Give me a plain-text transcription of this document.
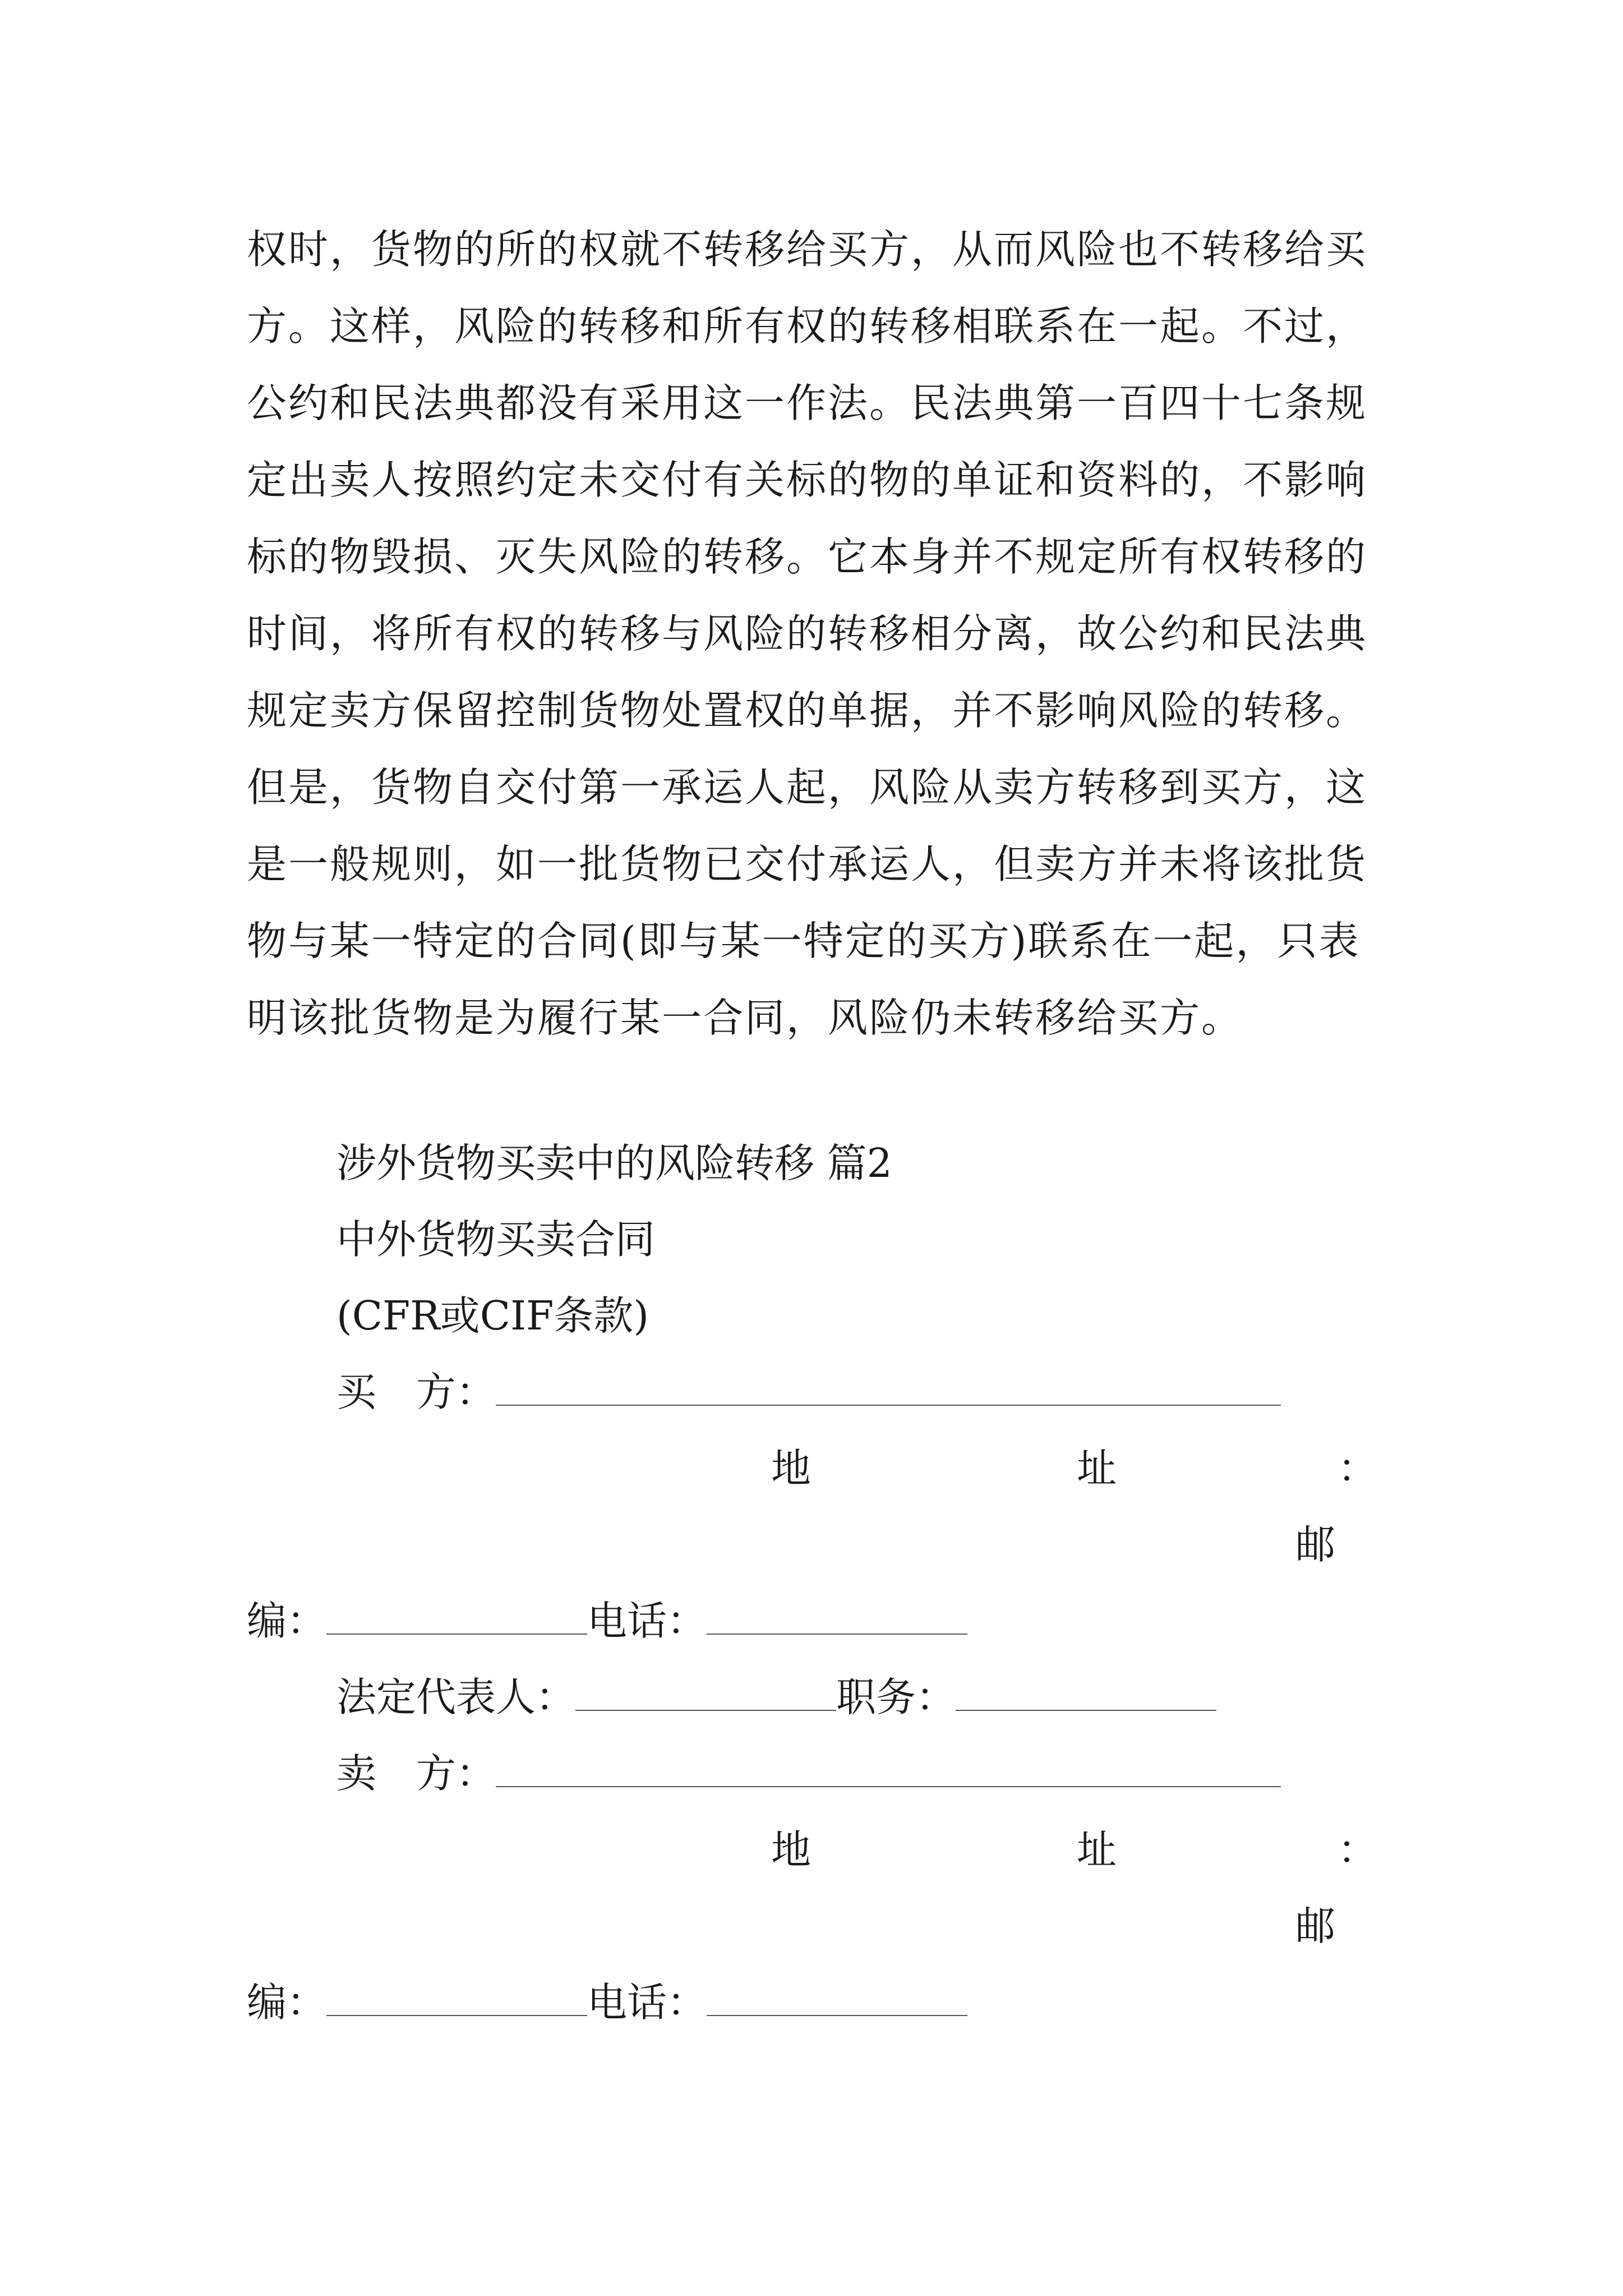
权时，货物的所的权就不转移给买方，从而风险也不转移给买方。这样，风险的转移和所有权的转移相联系在一起。不过，公约和民法典都没有采用这一作法。民法典第一百四十七条规定出卖人按照约定未交付有关标的物的单证和资料的，不影响标的物毁损、灭失风险的转移。它本身并不规定所有权转移的时间，将所有权的转移与风险的转移相分离，故公约和民法典规定卖方保留控制货物处置权的单据，并不影响风险的转移。但是，货物自交付第一承运人起，风险从卖方转移到买方，这是一般规则，如一批货物已交付承运人，但卖方并未将该批货物与某一特定的合同(即与某一特定的买方)联系在一起，只表明该批货物是为履行某一合同，风险仍未转移给买方。
涉外货物买卖中的风险转移 篇2
中外货物买卖合同
(CFR或CIF条款)
买　方：
地	址	：
邮
编：	电话：
法定代表人：	职务：
卖　方：
地	址	：
邮
编：	电话：
